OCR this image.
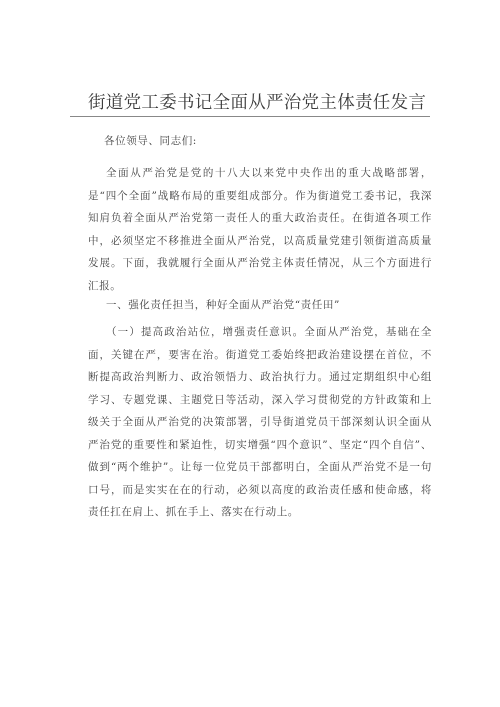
街道党工委书记全面从严治党主体责任发言

各位领导、同志们:

全面从严治党是党的十八大以来党中央作出的重大战略部署，是“四个全面”战略布局的重要组成部分。作为街道党工委书记，我深知肩负着全面从严治党第一责任人的重大政治责任。在街道各项工作中，必须坚定不移推进全面从严治党，以高质量党建引领街道高质量发展。下面，我就履行全面从严治党主体责任情况，从三个方面进行汇报。

一、强化责任担当，种好全面从严治党“责任田”

（一）提高政治站位，增强责任意识。全面从严治党，基础在全面，关键在严，要害在治。街道党工委始终把政治建设摆在首位，不断提高政治判断力、政治领悟力、政治执行力。通过定期组织中心组学习、专题党课、主题党日等活动，深入学习贯彻党的方针政策和上级关于全面从严治党的决策部署，引导街道党员干部深刻认识全面从严治党的重要性和紧迫性，切实增强“四个意识”、坚定“四个自信”、做到“两个维护”。让每一位党员干部都明白，全面从严治党不是一句口号，而是实实在在的行动，必须以高度的政治责任感和使命感，将责任扛在肩上、抓在手上、落实在行动上。
